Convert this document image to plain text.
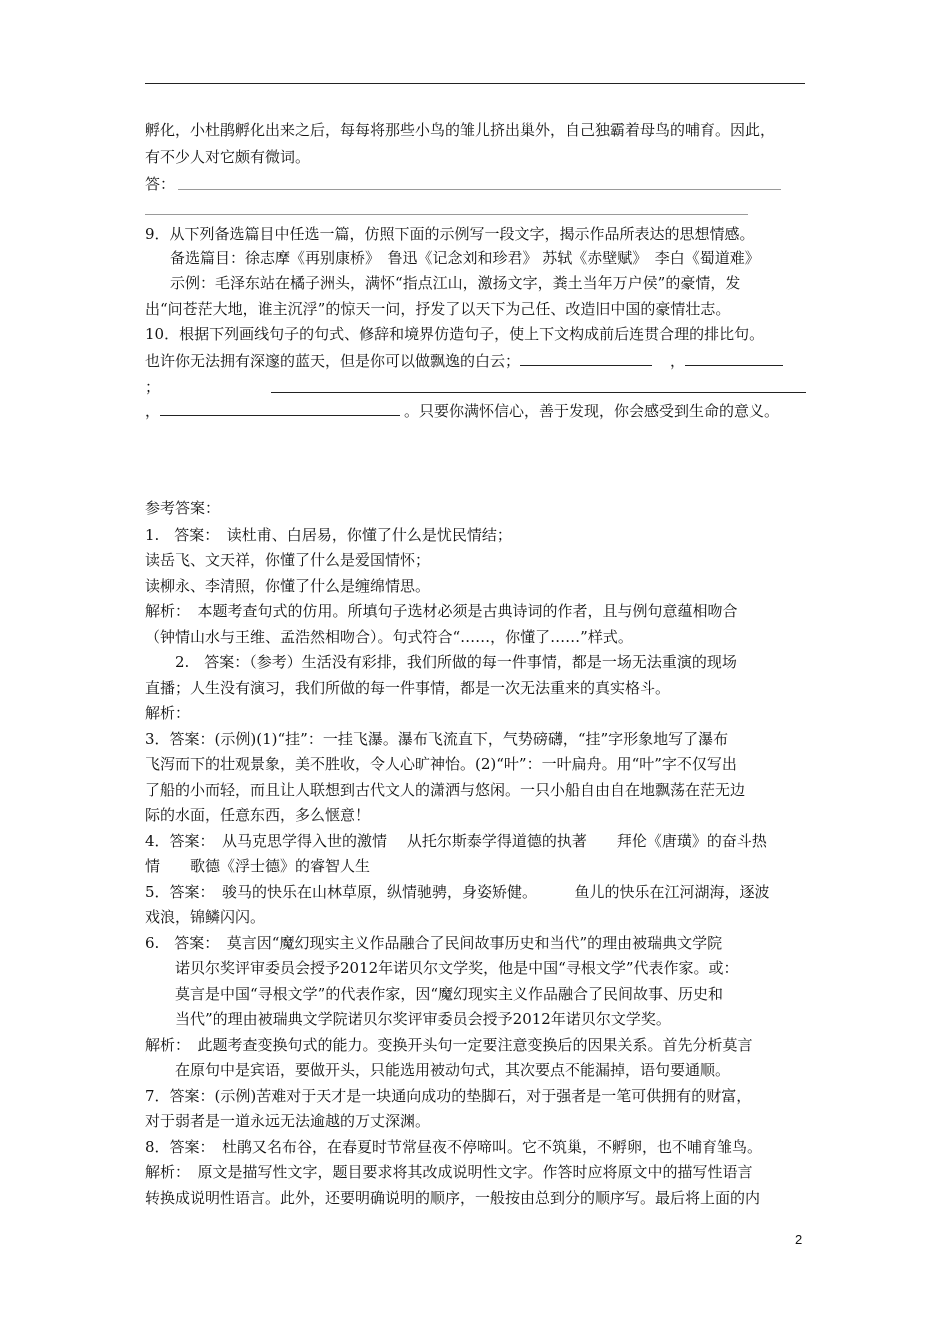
孵化，小杜鹃孵化出来之后，每每将那些小鸟的雏儿挤出巢外，自己独霸着母鸟的哺育。因此，
有不少人对它颇有微词。
答：
9．从下列备选篇目中任选一篇，仿照下面的示例写一段文字，揭示作品所表达的思想情感。
备选篇目：徐志摩《再别康桥》　鲁迅《记念刘和珍君》 苏轼《赤壁赋》　李白《蜀道难》
示例：毛泽东站在橘子洲头，满怀“指点江山，激扬文字，粪土当年万户侯”的豪情，发
出“问苍茫大地，谁主沉浮”的惊天一问，抒发了以天下为己任、改造旧中国的豪情壮志。
10．根据下列画线句子的句式、修辞和境界仿造句子，使上下文构成前后连贯合理的排比句。
也许你无法拥有深邃的蓝天，但是你可以做飘逸的白云；	，
；
，	。只要你满怀信心，善于发现，你会感受到生命的意义。
参考答案：
1.　答案：　读杜甫、白居易，你懂了什么是忧民情结；
读岳飞、文天祥，你懂了什么是爱国情怀；
读柳永、李清照，你懂了什么是缠绵情思。
解析：　本题考查句式的仿用。所填句子选材必须是古典诗词的作者，且与例句意蕴相吻合
（钟情山水与王维、孟浩然相吻合）。句式符合“……，你懂了……”样式。
2.　答案：（参考）生活没有彩排，我们所做的每一件事情，都是一场无法重演的现场
直播；人生没有演习，我们所做的每一件事情，都是一次无法重来的真实格斗。
解析：
3．答案：(示例)(1)“挂”：一挂飞瀑。瀑布飞流直下，气势磅礴，“挂”字形象地写了瀑布
飞泻而下的壮观景象，美不胜收，令人心旷神怡。(2)“叶”：一叶扁舟。用“叶”字不仅写出
了船的小而轻，而且让人联想到古代文人的潇洒与悠闲。一只小船自由自在地飘荡在茫无边
际的水面，任意东西，多么惬意！
4．答案：　从马克思学得入世的激情　 从托尔斯泰学得道德的执著　　拜伦《唐璜》的奋斗热
情　　歌德《浮士德》的睿智人生
5．答案：　骏马的快乐在山林草原，纵情驰骋，身姿矫健。　　　鱼儿的快乐在江河湖海，逐波
戏浪，锦鳞闪闪。
6.　答案：　莫言因“魔幻现实主义作品融合了民间故事历史和当代”的理由被瑞典文学院
诺贝尔奖评审委员会授予2012年诺贝尔文学奖，他是中国“寻根文学”代表作家。或：
莫言是中国“寻根文学”的代表作家，因“魔幻现实主义作品融合了民间故事、历史和
当代”的理由被瑞典文学院诺贝尔奖评审委员会授予2012年诺贝尔文学奖。
解析：　此题考查变换句式的能力。变换开头句一定要注意变换后的因果关系。首先分析莫言
在原句中是宾语，要做开头，只能选用被动句式，其次要点不能漏掉，语句要通顺。
7．答案：(示例)苦难对于天才是一块通向成功的垫脚石，对于强者是一笔可供拥有的财富，
对于弱者是一道永远无法逾越的万丈深渊。
8．答案：　杜鹃又名布谷，在春夏时节常昼夜不停啼叫。它不筑巢，不孵卵，也不哺育雏鸟。
解析：　原文是描写性文字，题目要求将其改成说明性文字。作答时应将原文中的描写性语言
转换成说明性语言。此外，还要明确说明的顺序，一般按由总到分的顺序写。最后将上面的内
2
